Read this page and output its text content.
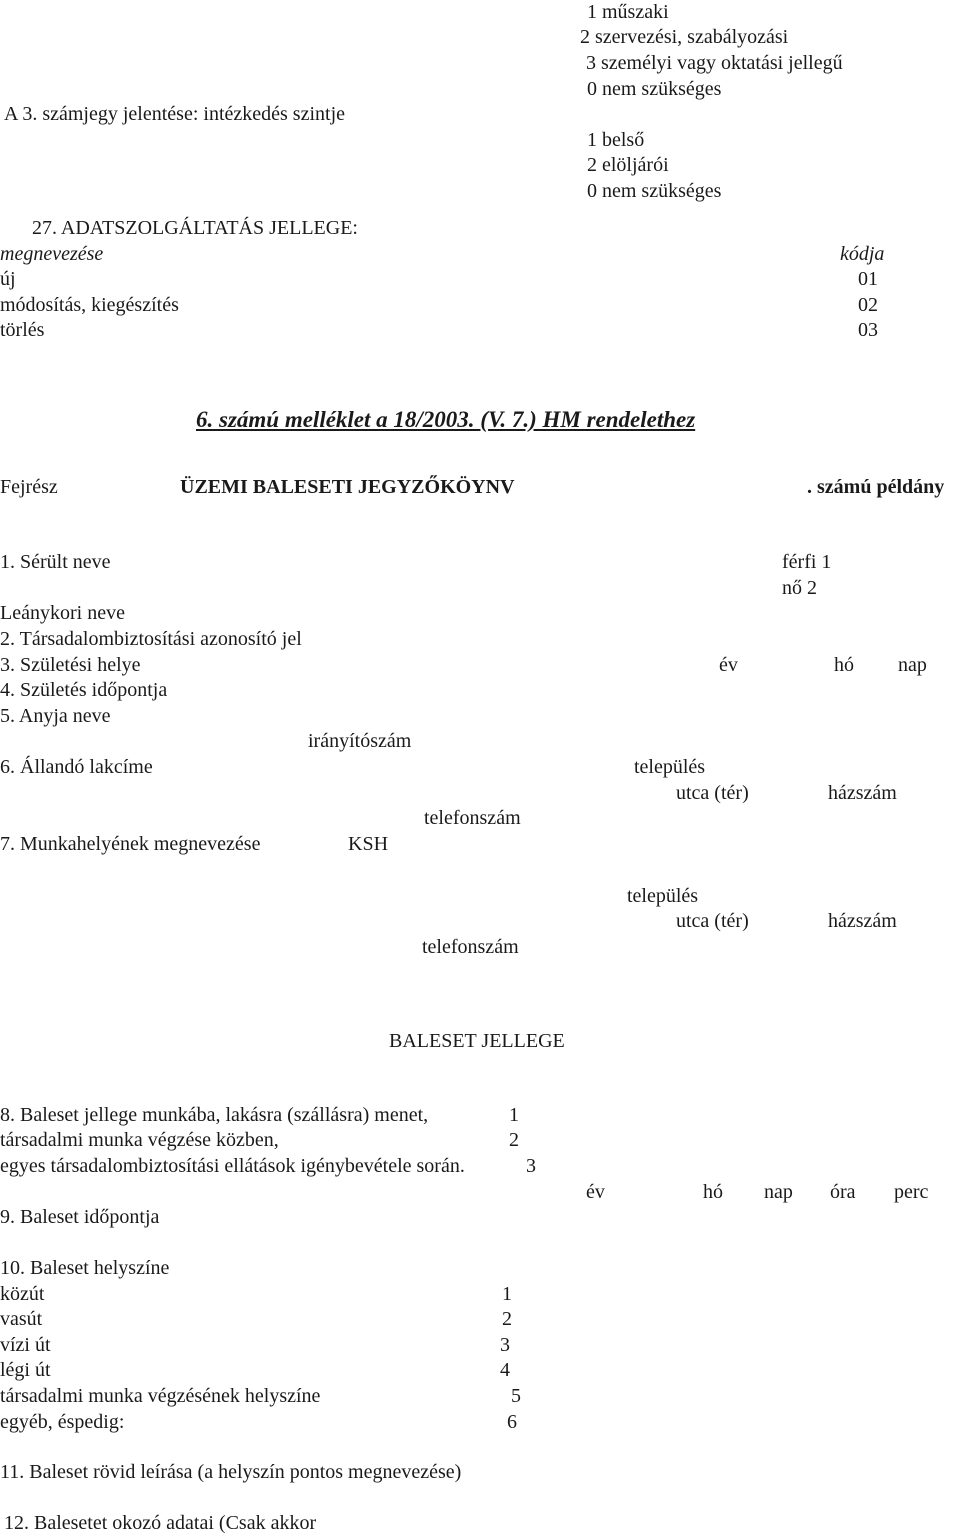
1 műszaki
2 szervezési, szabályozási
3 személyi vagy oktatási jellegű
0 nem szükséges
A 3. számjegy jelentése: intézkedés szintje
1 belső
2 elöljárói
0 nem szükséges
27. ADATSZOLGÁLTATÁS JELLEGE:
megnevezése	kódja
új	01
módosítás, kiegészítés	02
törlés	03
6. számú melléklet a 18/2003. (V. 7.) HM rendelethez
Fejrész	ÜZEMI BALESETI JEGYZŐKÖYNV	. számú példány
1. Sérült neve	férfi 1
nő 2
Leánykori neve
2. Társadalombiztosítási azonosító jel
3. Születési helye	év	hó nap
4. Születés időpontja
5. Anyja neve
irányítószám
6. Állandó lakcíme	település
utca (tér)	házszám
telefonszám
7. Munkahelyének megnevezése	KSH
település
utca (tér)	házszám
telefonszám
BALESET JELLEGE
8. Baleset jellege munkába, lakásra (szállásra) menet,	1
társadalmi munka végzése közben,	2
egyes társadalombiztosítási ellátások igénybevétele során.	3
év	hó nap óra perc
9. Baleset időpontja
10. Baleset helyszíne
közút	1
vasút	2
vízi út	3
légi út	4
társadalmi munka végzésének helyszíne	5
egyéb, éspedig:	6
11. Baleset rövid leírása (a helyszín pontos megnevezése)
12. Balesetet okozó adatai (Csak akkor
